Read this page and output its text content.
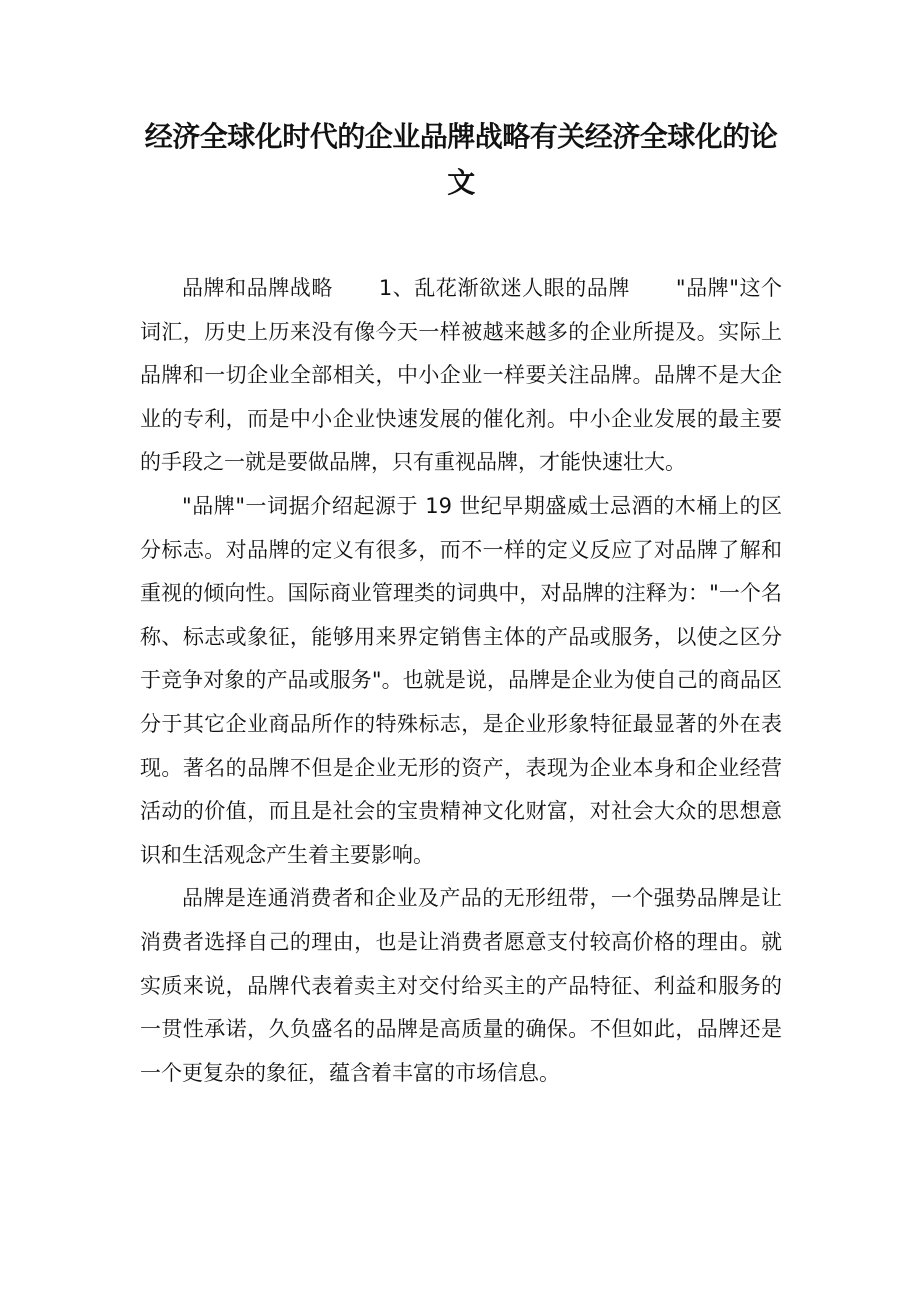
经济全球化时代的企业品牌战略有关经济全球化的论文

品牌和品牌战略 1、乱花渐欲迷人眼的品牌 "品牌"这个词汇，历史上历来没有像今天一样被越来越多的企业所提及。实际上品牌和一切企业全部相关，中小企业一样要关注品牌。品牌不是大企业的专利，而是中小企业快速发展的催化剂。中小企业发展的最主要的手段之一就是要做品牌，只有重视品牌，才能快速壮大。

"品牌"一词据介绍起源于 19 世纪早期盛威士忌酒的木桶上的区分标志。对品牌的定义有很多，而不一样的定义反应了对品牌了解和重视的倾向性。国际商业管理类的词典中，对品牌的注释为："一个名称、标志或象征，能够用来界定销售主体的产品或服务，以使之区分于竞争对象的产品或服务"。也就是说，品牌是企业为使自己的商品区分于其它企业商品所作的特殊标志，是企业形象特征最显著的外在表现。著名的品牌不但是企业无形的资产，表现为企业本身和企业经营活动的价值，而且是社会的宝贵精神文化财富，对社会大众的思想意识和生活观念产生着主要影响。

品牌是连通消费者和企业及产品的无形纽带，一个强势品牌是让消费者选择自己的理由，也是让消费者愿意支付较高价格的理由。就实质来说，品牌代表着卖主对交付给买主的产品特征、利益和服务的一贯性承诺，久负盛名的品牌是高质量的确保。不但如此，品牌还是一个更复杂的象征，蕴含着丰富的市场信息。
